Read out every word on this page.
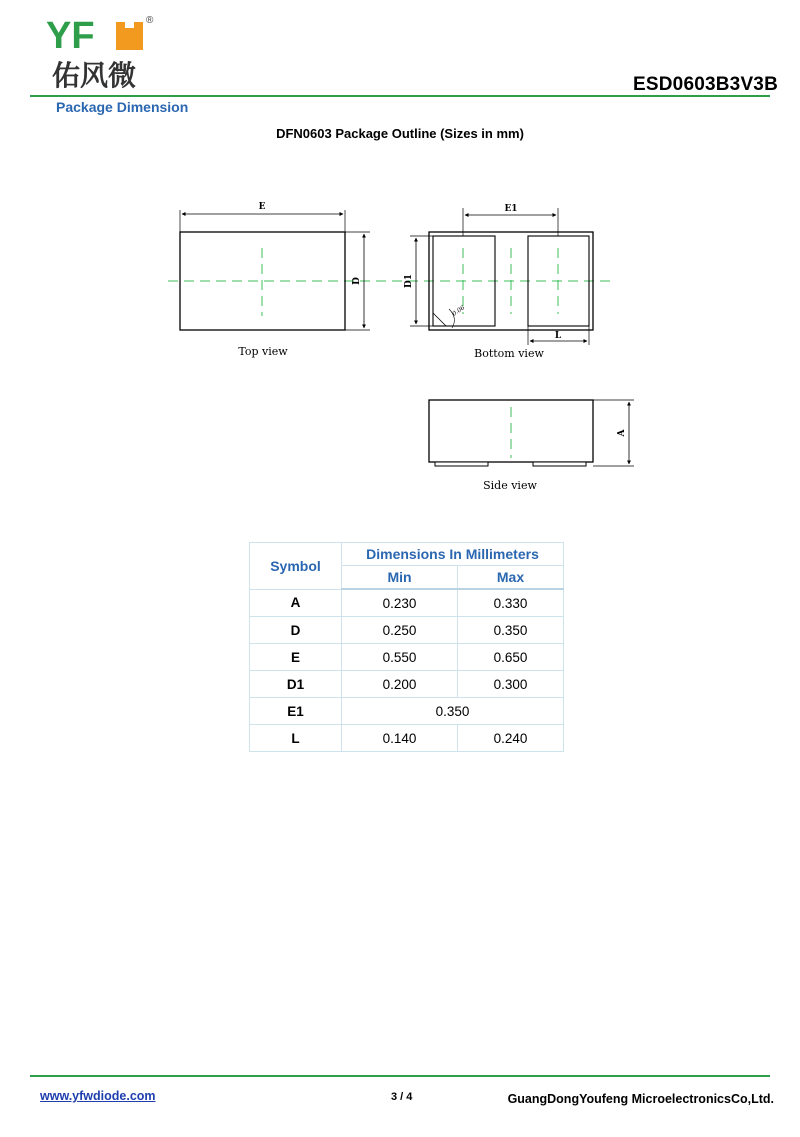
YF	®
佑风微	ESD0603B3V3B
Package Dimension
DFN0603 Package Outline (Sizes in mm)
E
D
Top view
0.06
E1
D1
L
Bottom view
A
Side view
Symbol	Dimensions In Millimeters	
	Min	Max
A	0.230	0.330
D	0.250	0.350
E	0.550	0.650
D1	0.200	0.300
E1	0.350	
L	0.140	0.240
www.yfwdiode.com	3 / 4	GuangDongYoufeng MicroelectronicsCo,Ltd.
